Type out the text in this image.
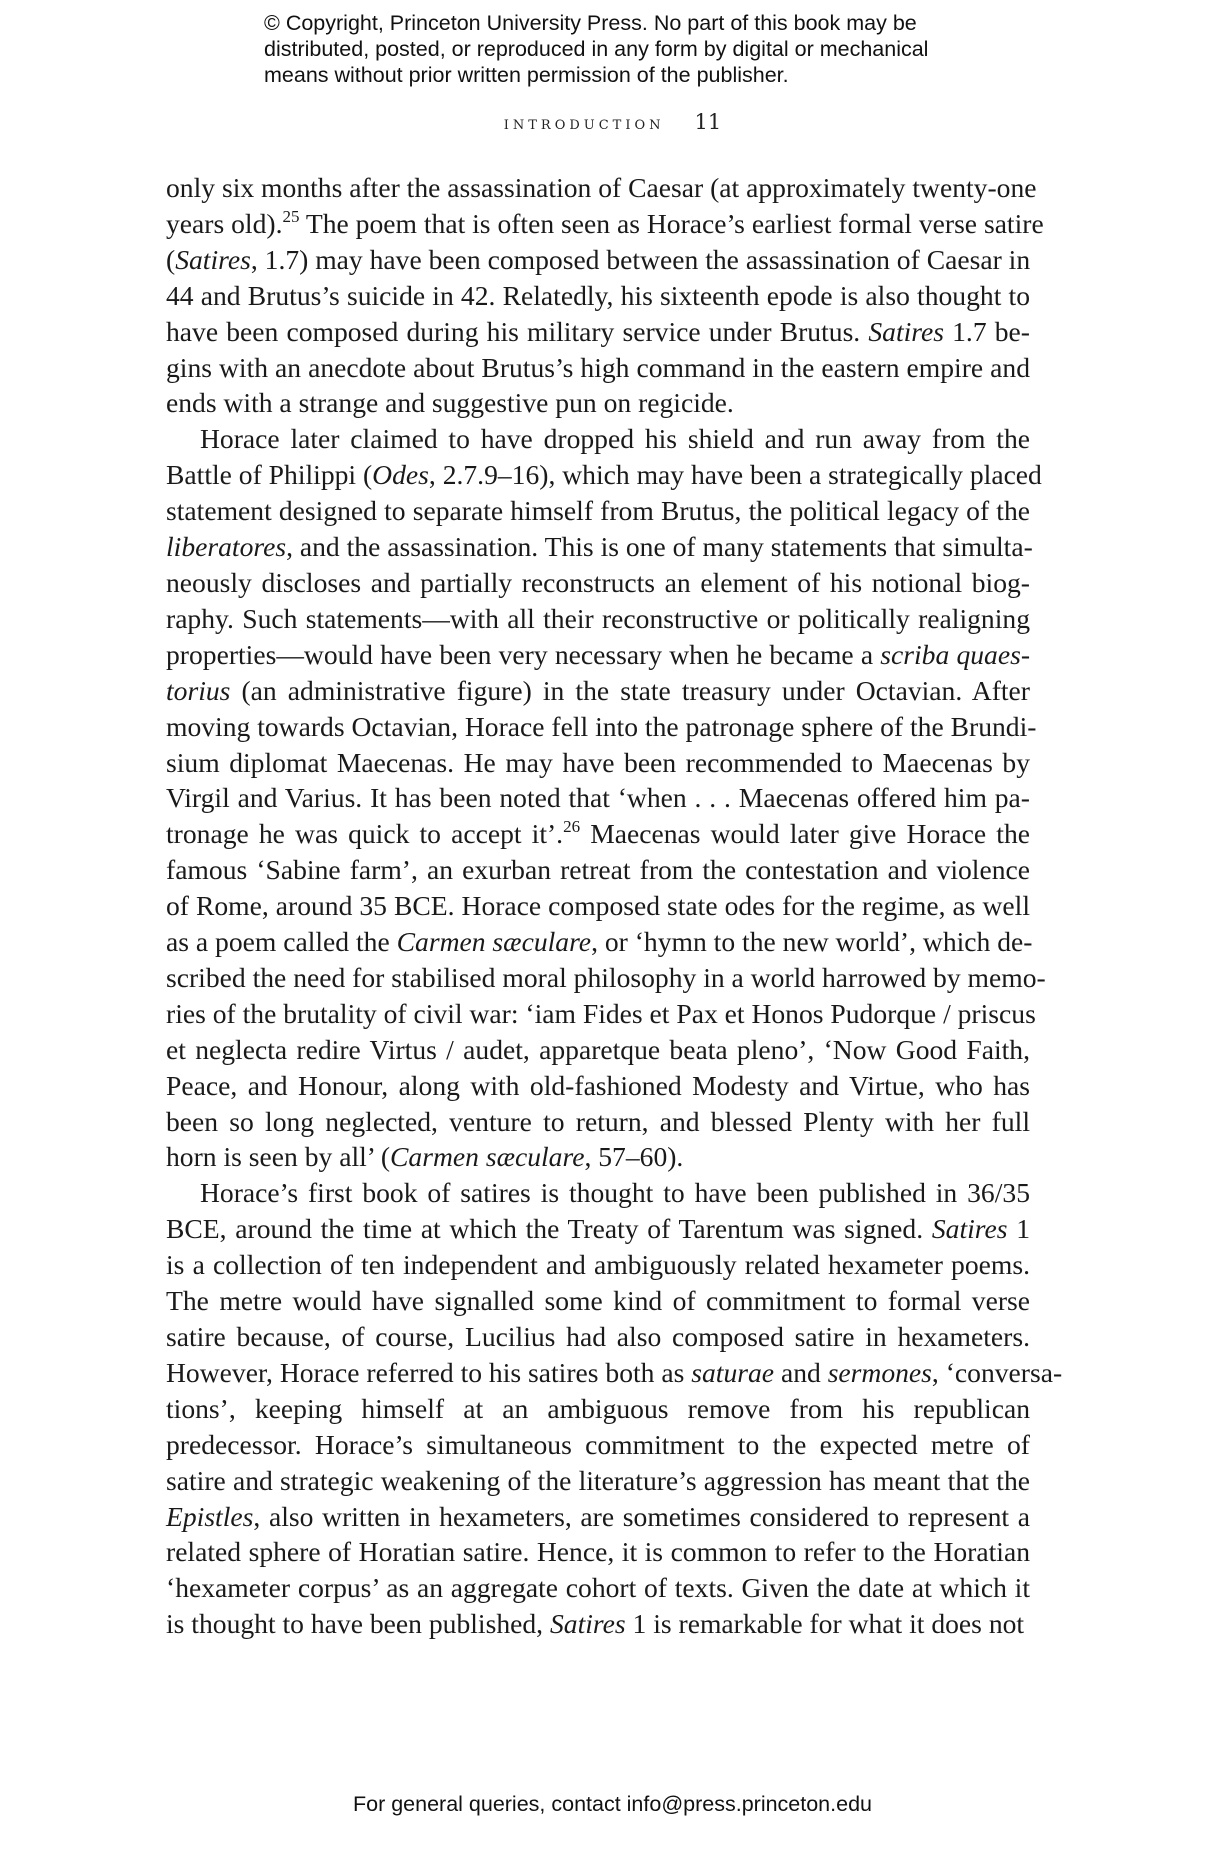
© Copyright, Princeton University Press. No part of this book may be
distributed, posted, or reproduced in any form by digital or mechanical
means without prior written permission of the publisher.
introduction 11
only six months after the assassination of Caesar (at approximately twenty-one
years old).$^{25}$ The poem that is often seen as Horace’s earliest formal verse satire
(Satires, 1.7) may have been composed between the assassination of Caesar in
44 and Brutus’s suicide in 42. Relatedly, his sixteenth epode is also thought to
have been composed during his military service under Brutus. Satires 1.7 be-
gins with an anecdote about Brutus’s high command in the eastern empire and
ends with a strange and suggestive pun on regicide.
Horace later claimed to have dropped his shield and run away from the
Battle of Philippi (Odes, 2.7.9–16), which may have been a strategically placed
statement designed to separate himself from Brutus, the political legacy of the
liberatores, and the assassination. This is one of many statements that simulta-
neously discloses and partially reconstructs an element of his notional biog-
raphy. Such statements—with all their reconstructive or politically realigning
properties—would have been very necessary when he became a scriba quaes-
torius (an administrative figure) in the state treasury under Octavian. After
moving towards Octavian, Horace fell into the patronage sphere of the Brundi-
sium diplomat Maecenas. He may have been recommended to Maecenas by
Virgil and Varius. It has been noted that ‘when . . . Maecenas offered him pa-
tronage he was quick to accept it’.$^{26}$ Maecenas would later give Horace the
famous ‘Sabine farm’, an exurban retreat from the contestation and violence
of Rome, around 35 BCE. Horace composed state odes for the regime, as well
as a poem called the Carmen sæculare, or ‘hymn to the new world’, which de-
scribed the need for stabilised moral philosophy in a world harrowed by memo-
ries of the brutality of civil war: ‘iam Fides et Pax et Honos Pudorque / priscus
et neglecta redire Virtus / audet, apparetque beata pleno’, ‘Now Good Faith,
Peace, and Honour, along with old-fashioned Modesty and Virtue, who has
been so long neglected, venture to return, and blessed Plenty with her full
horn is seen by all’ (Carmen sæculare, 57–60).
Horace’s first book of satires is thought to have been published in 36/35
BCE, around the time at which the Treaty of Tarentum was signed. Satires 1
is a collection of ten independent and ambiguously related hexameter poems.
The metre would have signalled some kind of commitment to formal verse
satire because, of course, Lucilius had also composed satire in hexameters.
However, Horace referred to his satires both as saturae and sermones, ‘conversa-
tions’, keeping himself at an ambiguous remove from his republican
predecessor. Horace’s simultaneous commitment to the expected metre of
satire and strategic weakening of the literature’s aggression has meant that the
Epistles, also written in hexameters, are sometimes considered to represent a
related sphere of Horatian satire. Hence, it is common to refer to the Horatian
‘hexameter corpus’ as an aggregate cohort of texts. Given the date at which it
is thought to have been published, Satires 1 is remarkable for what it does not
For general queries, contact info@press.princeton.edu
